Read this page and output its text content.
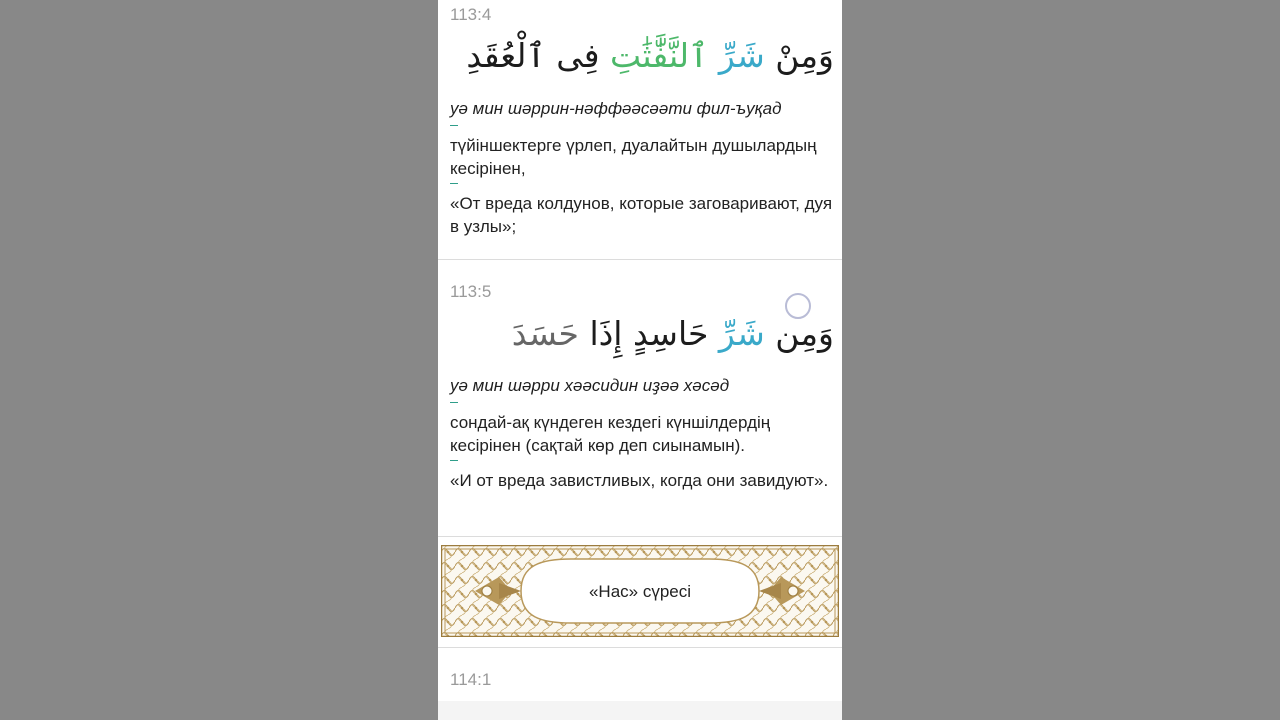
113:4
وَمِنْ شَرِّ ٱلنَّفَّٰثَٰتِ فِى ٱلْعُقَدِ
уә мин шәррин-нәффәәсәәти фил-ъуқад
түйіншектерге үрлеп, дуалайтын душылардың кесірінен,
«От вреда колдунов, которые заговаривают, дуя в узлы»;
113:5
وَمِن شَرِّ حَاسِدٍ إِذَا حَسَدَ
уә мин шәрри хәәсидин иҙәә хәсәд
сондай-ақ күндеген кездегі күншілдердің кесірінен (сақтай көр деп сиынамын).
«И от вреда завистливых, когда они завидуют».
«Нас» сүресі
114:1
